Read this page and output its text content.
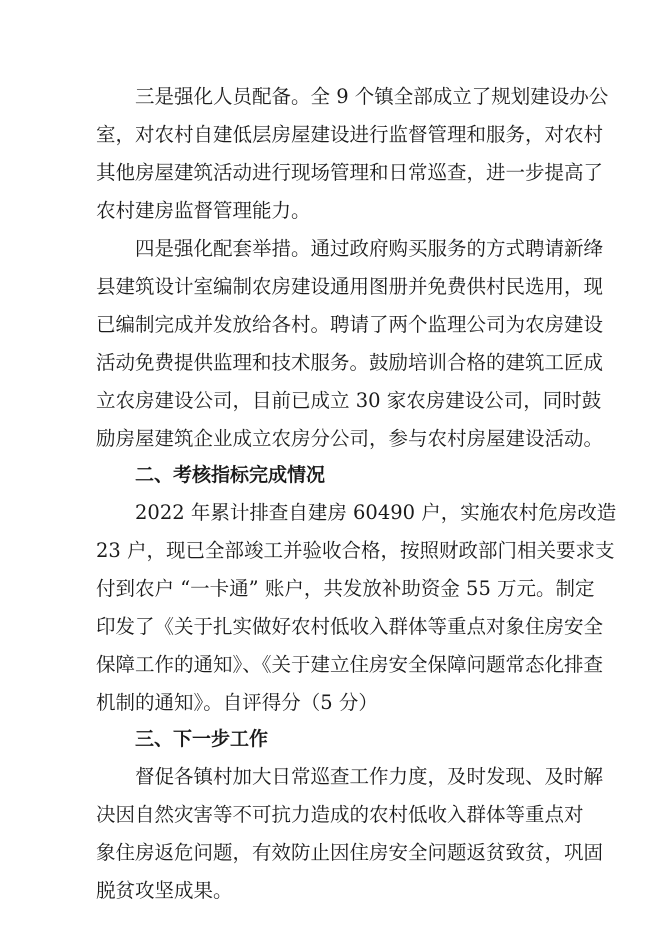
三是强化人员配备。全 9 个镇全部成立了规划建设办公
室，对农村自建低层房屋建设进行监督管理和服务，对农村
其他房屋建筑活动进行现场管理和日常巡查，进一步提高了
农村建房监督管理能力。
四是强化配套举措。通过政府购买服务的方式聘请新绛
县建筑设计室编制农房建设通用图册并免费供村民选用，现
已编制完成并发放给各村。聘请了两个监理公司为农房建设
活动免费提供监理和技术服务。鼓励培训合格的建筑工匠成
立农房建设公司，目前已成立 30 家农房建设公司，同时鼓
励房屋建筑企业成立农房分公司，参与农村房屋建设活动。
二、考核指标完成情况
2022 年累计排查自建房 60490 户，实施农村危房改造
23 户，现已全部竣工并验收合格，按照财政部门相关要求支
付到农户 “一卡通” 账户，共发放补助资金 55 万元。制定
印发了《关于扎实做好农村低收入群体等重点对象住房安全
保障工作的通知》、《关于建立住房安全保障问题常态化排查
机制的通知》。自评得分（5 分）
三、下一步工作
督促各镇村加大日常巡查工作力度，及时发现、及时解
决因自然灾害等不可抗力造成的农村低收入群体等重点对
象住房返危问题，有效防止因住房安全问题返贫致贫，巩固
脱贫攻坚成果。
